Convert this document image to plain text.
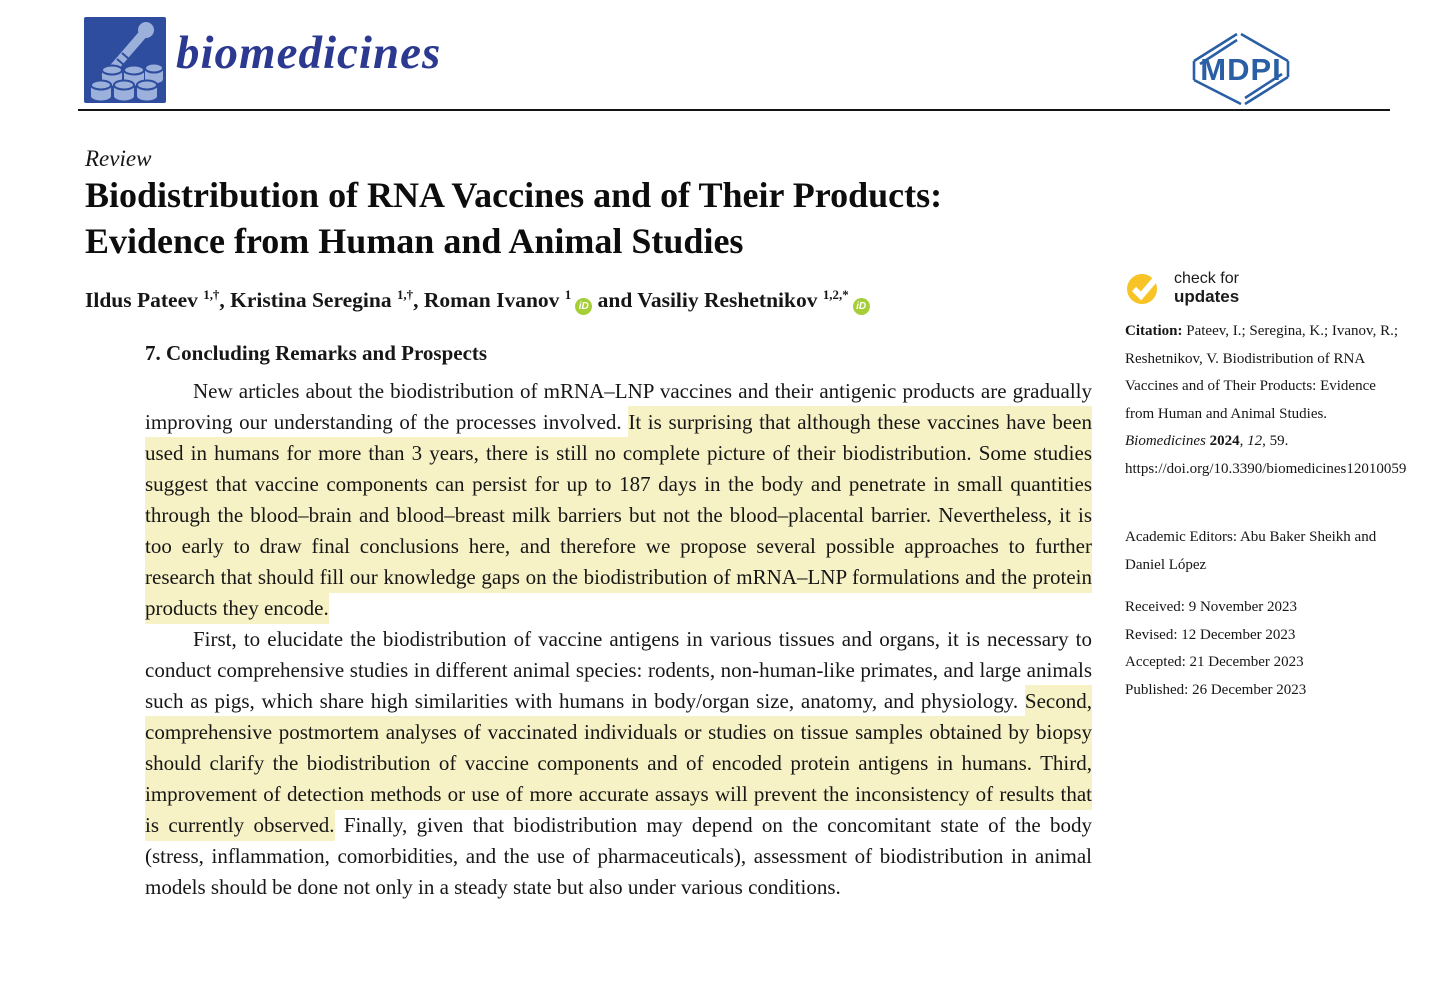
biomedicines	MDPI
Review
Biodistribution of RNA Vaccines and of Their Products:
Evidence from Human and Animal Studies
Ildus Pateev $^{1,\dagger}$, Kristina Seregina $^{1,\dagger}$, Roman Ivanov $^1$iD and Vasiliy Reshetnikov $^{1,2,*}$iD
7. Concluding Remarks and Prospects

New articles about the biodistribution of mRNA–LNP vaccines and their antigenic products are gradually improving our understanding of the processes involved. It is surprising that although these vaccines have been used in humans for more than 3 years, there is still no complete picture of their biodistribution. Some studies suggest that vaccine components can persist for up to 187 days in the body and penetrate in small quantities through the blood–brain and blood–breast milk barriers but not the blood–placental barrier. Nevertheless, it is too early to draw final conclusions here, and therefore we propose several possible approaches to further research that should fill our knowledge gaps on the biodistribution of mRNA–LNP formulations and the protein products they encode.

First, to elucidate the biodistribution of vaccine antigens in various tissues and organs, it is necessary to conduct comprehensive studies in different animal species: rodents, non-human-like primates, and large animals such as pigs, which share high similarities with humans in body/organ size, anatomy, and physiology. Second, comprehensive postmortem analyses of vaccinated individuals or studies on tissue samples obtained by biopsy should clarify the biodistribution of vaccine components and of encoded protein antigens in humans. Third, improvement of detection methods or use of more accurate assays will prevent the inconsistency of results that is currently observed. Finally, given that biodistribution may depend on the concomitant state of the body (stress, inflammation, comorbidities, and the use of pharmaceuticals), assessment of biodistribution in animal models should be done not only in a steady state but also under various conditions.

check for
updates
Citation: Pateev, I.; Seregina, K.; Ivanov, R.; Reshetnikov, V. Biodistribution of RNA Vaccines and of Their Products: Evidence from Human and Animal Studies. Biomedicines 2024, 12, 59. https://doi.org/10.3390/biomedicines12010059
Academic Editors: Abu Baker Sheikh and Daniel López
Received: 9 November 2023
Revised: 12 December 2023
Accepted: 21 December 2023
Published: 26 December 2023
